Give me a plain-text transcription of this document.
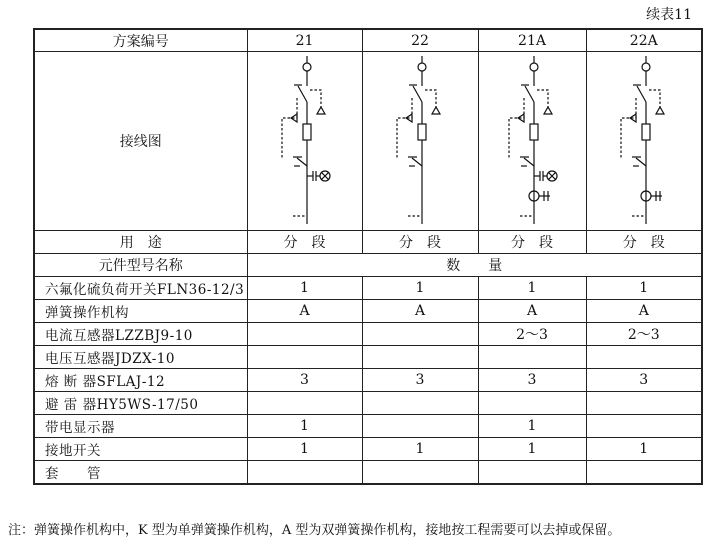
续表11
方案编号	21	22	21A	22A
接线图	

用　途	分　段	分　段	分　段	分　段
元件型号名称	数　　量			
六氟化硫负荷开关FLN36-12/3	1	1	1	1
弹簧操作机构	A	A	A	A
电流互感器LZZBJ9-10			2～3	2～3
电压互感器JDZX-10				
熔 断 器SFLAJ-12	3	3	3	3
避 雷 器HY5WS-17/50				
带电显示器	1		1	
接地开关	1	1	1	1
套　　管				
注：弹簧操作机构中，K 型为单弹簧操作机构，A 型为双弹簧操作机构，接地按工程需要可以去掉或保留。
